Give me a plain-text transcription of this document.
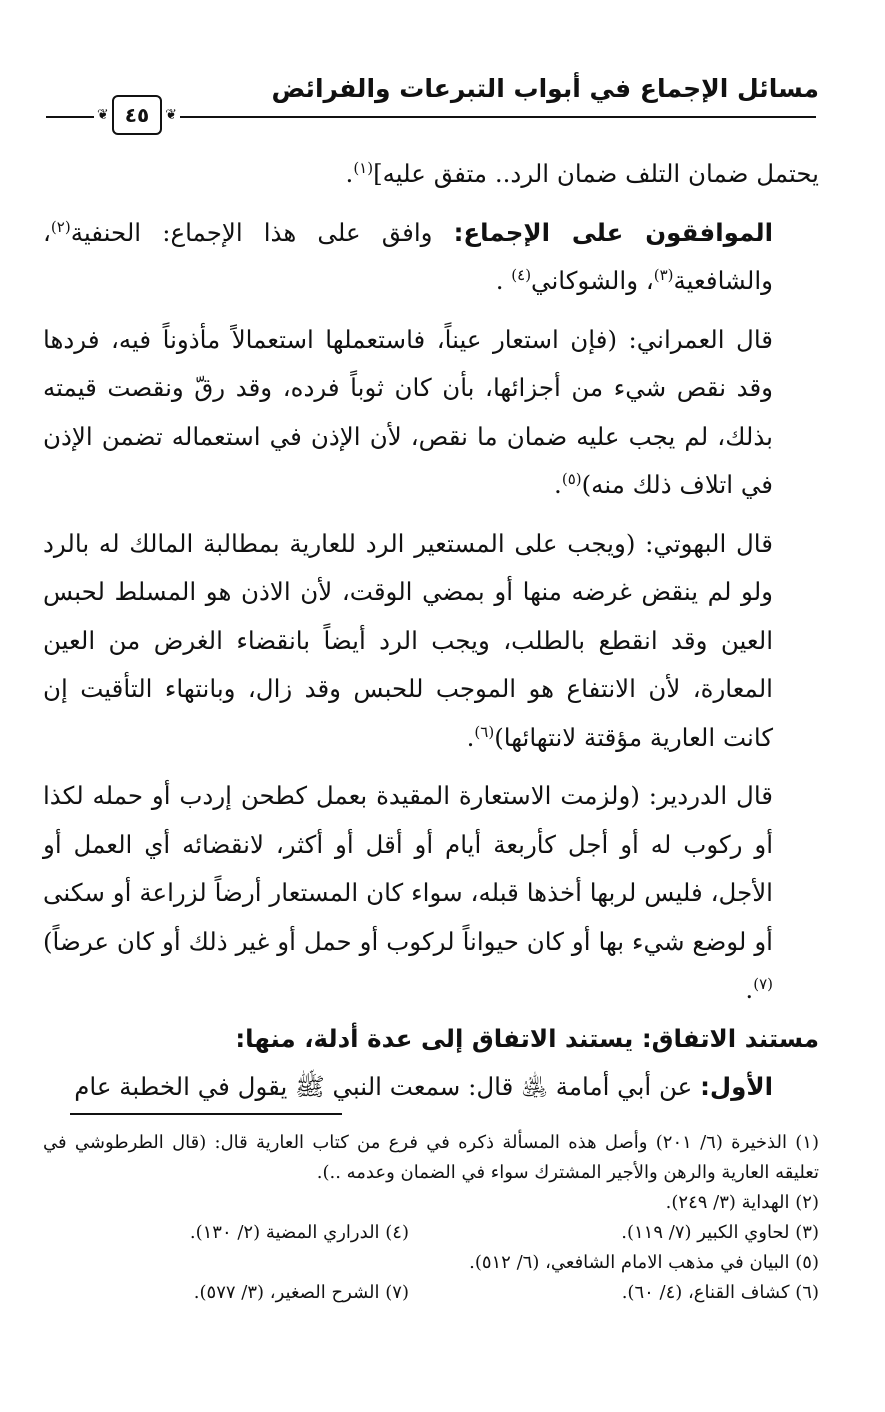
مسائل الإجماع في أبواب التبرعات والفرائض
❦
٤٥
❦

يحتمل ضمان التلف ضمان الرد.. متفق عليه]$^{(١)}$.

الموافقون على الإجماع: وافق على هذا الإجماع: الحنفية$^{(٢)}$، والشافعية$^{(٣)}$، والشوكاني$^{(٤)}$ .

قال العمراني: (فإن استعار عيناً، فاستعملها استعمالاً مأذوناً فيه، فردها وقد نقص شيء من أجزائها، بأن كان ثوباً فرده، وقد رقّ ونقصت قيمته بذلك، لم يجب عليه ضمان ما نقص، لأن الإذن في استعماله تضمن الإذن في اتلاف ذلك منه)$^{(٥)}$.

قال البهوتي: (ويجب على المستعير الرد للعارية بمطالبة المالك له بالرد ولو لم ينقض غرضه منها أو بمضي الوقت، لأن الاذن هو المسلط لحبس العين وقد انقطع بالطلب، ويجب الرد أيضاً بانقضاء الغرض من العين المعارة، لأن الانتفاع هو الموجب للحبس وقد زال، وبانتهاء التأقيت إن كانت العارية مؤقتة لانتهائها)$^{(٦)}$.

قال الدردير: (ولزمت الاستعارة المقيدة بعمل كطحن إردب أو حمله لكذا أو ركوب له أو أجل كأربعة أيام أو أقل أو أكثر، لانقضائه أي العمل أو الأجل، فليس لربها أخذها قبله، سواء كان المستعار أرضاً لزراعة أو سكنى أو لوضع شيء بها أو كان حيواناً لركوب أو حمل أو غير ذلك أو كان عرضاً)$^{(٧)}$.

مستند الاتفاق: يستند الاتفاق إلى عدة أدلة، منها:

الأول: عن أبي أمامة ﵁ قال: سمعت النبي ﷺ يقول في الخطبة عام

(١) الذخيرة (٦/ ٢٠١) وأصل هذه المسألة ذكره في فرع من كتاب العارية قال: (قال الطرطوشي في تعليقه العارية والرهن والأجير المشترك سواء في الضمان وعدمه ..).

(٢) الهداية (٣/ ٢٤٩).

(٣) لحاوي الكبير (٧/ ١١٩).
(٤) الدراري المضية (٢/ ١٣٠).

(٥) البيان في مذهب الامام الشافعي، (٦/ ٥١٢).

(٦) كشاف القناع، (٤/ ٦٠).
(٧) الشرح الصغير، (٣/ ٥٧٧).
